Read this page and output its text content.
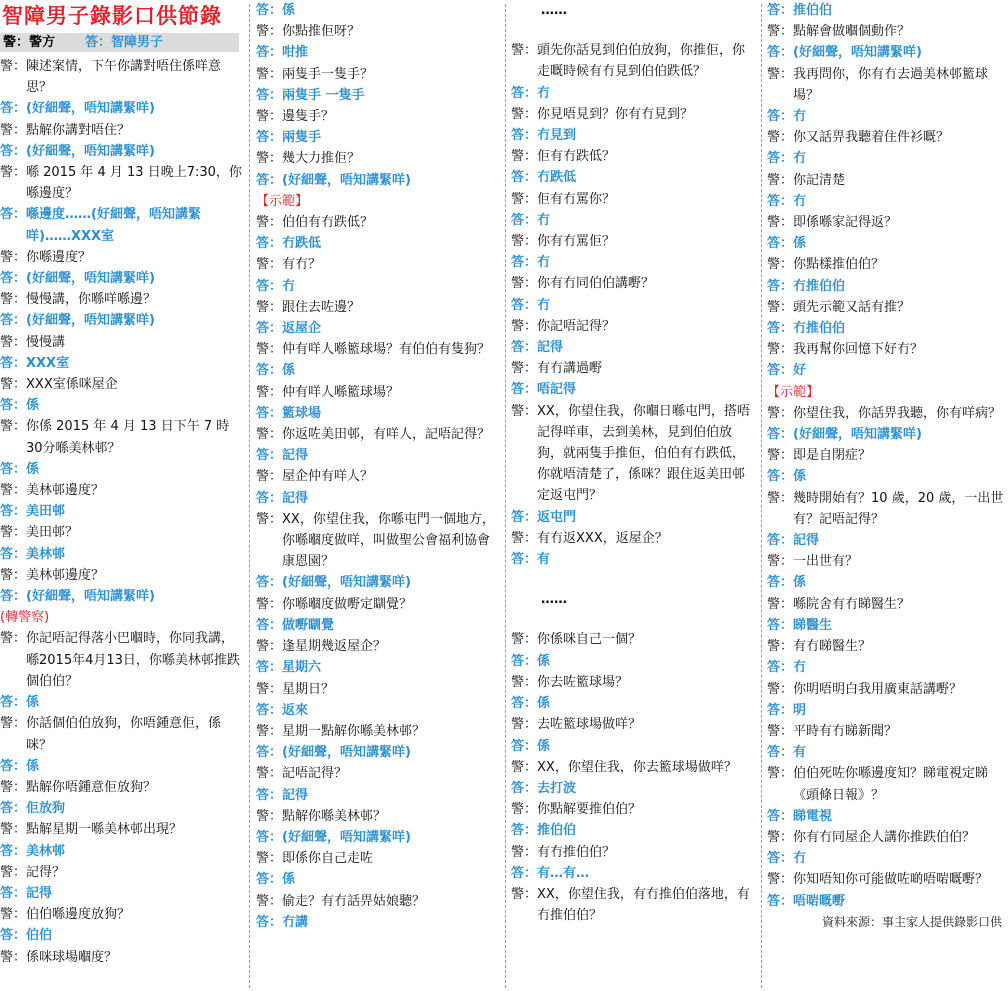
智障男子錄影口供節錄
警：警方 答：智障男子
警： 陳述案情，下午你講對唔住係咩意思？
答： (好細聲，唔知講緊咩)
警： 點解你講對唔住？
答： (好細聲，唔知講緊咩)
警： 喺 2015 年 4 月 13 日晚上7:30，你喺邊度？
答： 喺邊度……(好細聲，唔知講緊咩)……XXX室
警： 你喺邊度？
答： (好細聲，唔知講緊咩)
警： 慢慢講，你喺咩喺邊？
答： (好細聲，唔知講緊咩)
警： 慢慢講
答： XXX室
警： XXX室係咪屋企
答： 係
警： 你係 2015 年 4 月 13 日下午 7 時30分喺美林邨？
答： 係
警： 美林邨邊度？
答： 美田邨
警： 美田邨？
答： 美林邨
警： 美林邨邊度？
答： (好細聲，唔知講緊咩)
(轉警察)
警： 你記唔記得落小巴嗰時，你同我講，喺2015年4月13日，你喺美林邨推跌個伯伯？
答： 係
警： 你話個伯伯放狗，你唔鍾意佢，係咪？
答： 係
警： 點解你唔鍾意佢放狗？
答： 佢放狗
警： 點解星期一喺美林邨出現？
答： 美林邨
警： 記得？
答： 記得
警： 伯伯喺邊度放狗？
答： 伯伯
警： 係咪球場嗰度？
答： 係
警： 你點推佢呀？
答： 咁推
警： 兩隻手一隻手？
答： 兩隻手 一隻手
警： 邊隻手？
答： 兩隻手
警： 幾大力推佢？
答： (好細聲，唔知講緊咩)
【示範】
警： 伯伯有冇跌低？
答： 冇跌低
警： 有冇？
答： 冇
警： 跟住去咗邊？
答： 返屋企
警： 仲有咩人喺籃球場？有伯伯有隻狗？
答： 係
警： 仲有咩人喺籃球場？
答： 籃球場
警： 你返咗美田邨，有咩人，記唔記得？
答： 記得
警： 屋企仲有咩人？
答： 記得
警： XX，你望住我，你喺屯門一個地方，你喺嗰度做咩，叫做聖公會福利協會康恩園？
答： (好細聲，唔知講緊咩)
警： 你喺嗰度做嘢定瞓覺？
答： 做嘢瞓覺
警： 逢星期幾返屋企？
答： 星期六
警： 星期日？
答： 返來
警： 星期一點解你喺美林邨？
答： (好細聲，唔知講緊咩)
警： 記唔記得？
答： 記得
警： 點解你喺美林邨？
答： (好細聲，唔知講緊咩)
警： 即係你自己走咗
答： 係
警： 偷走？有冇話畀姑娘聽？
答： 冇講
……
警： 頭先你話見到伯伯放狗，你推佢，你走嘅時候有冇見到伯伯跌低？
答： 冇
警： 你見唔見到？你有冇見到？
答： 冇見到
警： 佢有冇跌低？
答： 冇跌低
警： 佢有冇罵你？
答： 冇
警： 你有冇罵佢？
答： 冇
警： 你有冇同伯伯講嘢？
答： 冇
警： 你記唔記得？
答： 記得
警： 有冇講過嘢
答： 唔記得
警： XX，你望住我，你嗰日喺屯門，搭唔記得咩車，去到美林，見到伯伯放狗，就兩隻手推佢，伯伯有冇跌低，你就唔清楚了，係咪？跟住返美田邨定返屯門？
答： 返屯門
警： 有冇返XXX，返屋企？
答： 有
……
警： 你係咪自己一個？
答： 係
警： 你去咗籃球場？
答： 係
警： 去咗籃球場做咩？
答： 係
警： XX，你望住我，你去籃球場做咩？
答： 去打波
警： 你點解要推伯伯？
答： 推伯伯
警： 有冇推伯伯？
答： 有…有…
警： XX，你望住我，有冇推伯伯落地，有冇推伯伯？
答： 推伯伯
警： 點解會做嗰個動作？
答： (好細聲，唔知講緊咩)
警： 我再問你，你有冇去過美林邨籃球場？
答： 冇
警： 你又話畀我聽着住件衫嘅？
答： 冇
警： 你記清楚
答： 冇
警： 即係喺家記得返？
答： 係
警： 你點樣推伯伯？
答： 冇推伯伯
警： 頭先示範又話有推？
答： 冇推伯伯
警： 我再幫你回憶下好冇？
答： 好
【示範】
警： 你望住我，你話畀我聽，你有咩病？
答： (好細聲，唔知講緊咩)
警： 即是自閉症？
答： 係
警： 幾時開始有？10 歲，20 歲，一出世有？記唔記得？
答： 記得
警： 一出世有？
答： 係
警： 喺院舍有冇睇醫生？
答： 睇醫生
警： 有冇睇醫生？
答： 冇
警： 你明唔明白我用廣東話講嘢？
答： 明
警： 平時有冇睇新聞？
答： 有
警： 伯伯死咗你喺邊度知？睇電視定睇《頭條日報》？
答： 睇電視
警： 你有冇同屋企人講你推跌伯伯？
答： 冇
警： 你知唔知你可能做咗啲唔啱嘅嘢？
答： 唔啱嘅嘢
資料來源：事主家人提供錄影口供
